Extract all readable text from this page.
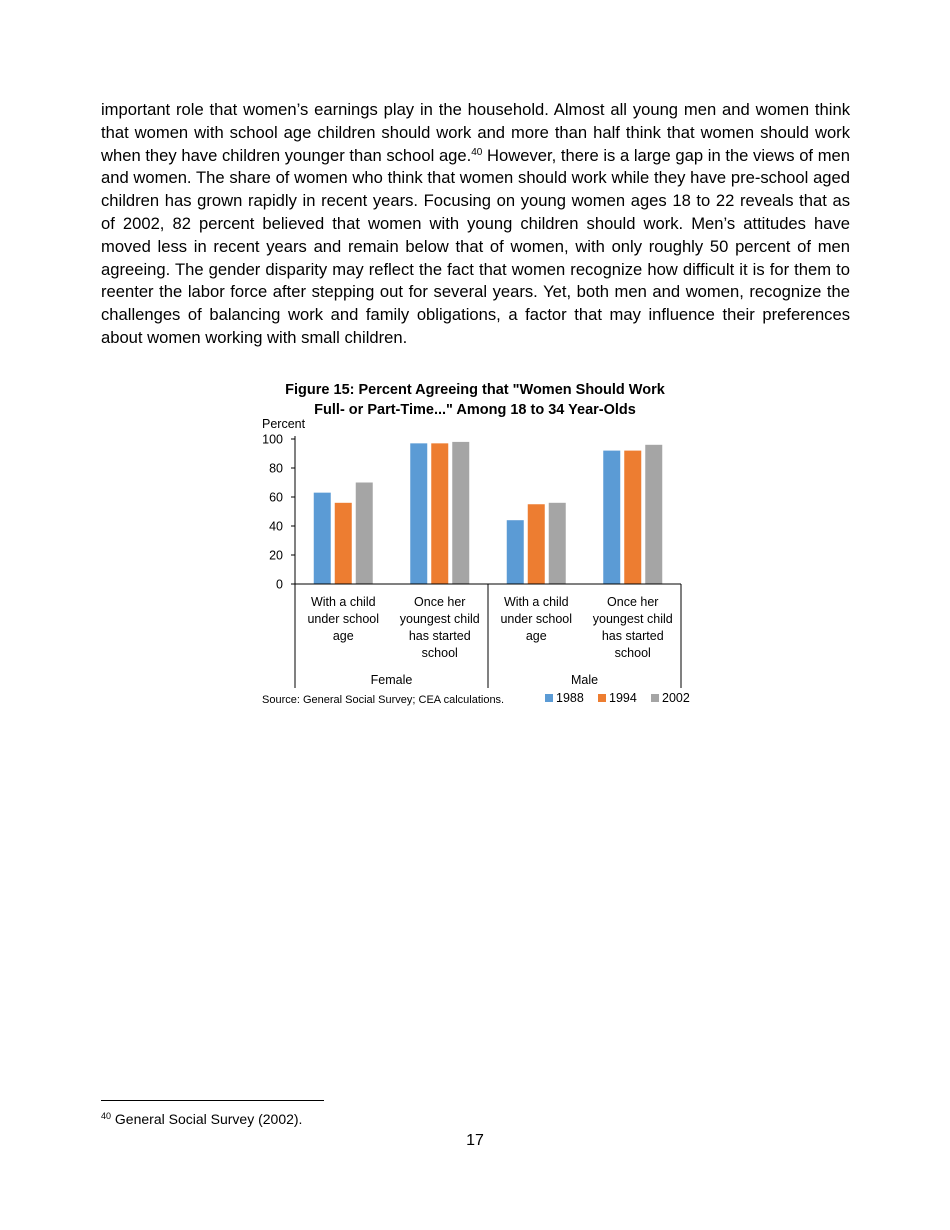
important role that women’s earnings play in the household. Almost all young men and women think that women with school age children should work and more than half think that women should work when they have children younger than school age.$^{40}$ However, there is a large gap in the views of men and women. The share of women who think that women should work while they have pre-school aged children has grown rapidly in recent years. Focusing on young women ages 18 to 22 reveals that as of 2002, 82 percent believed that women with young children should work. Men’s attitudes have moved less in recent years and remain below that of women, with only roughly 50 percent of men agreeing. The gender disparity may reflect the fact that women recognize how difficult it is for them to reenter the labor force after stepping out for several years. Yet, both men and women, recognize the challenges of balancing work and family obligations, a factor that may influence their preferences about women working with small children.

Figure 15: Percent Agreeing that "Women Should Work
Full- or Part-Time..." Among 18 to 34 Year-Olds
Percent
0
20
40
60
80
100
With a child
under school
age
Once her
youngest child
has started
school
With a child
under school
age
Once her
youngest child
has started
school
Female	Male
Source: General Social Survey; CEA calculations.	1988 1994 2002
$^{40}$ General Social Survey (2002).
17
